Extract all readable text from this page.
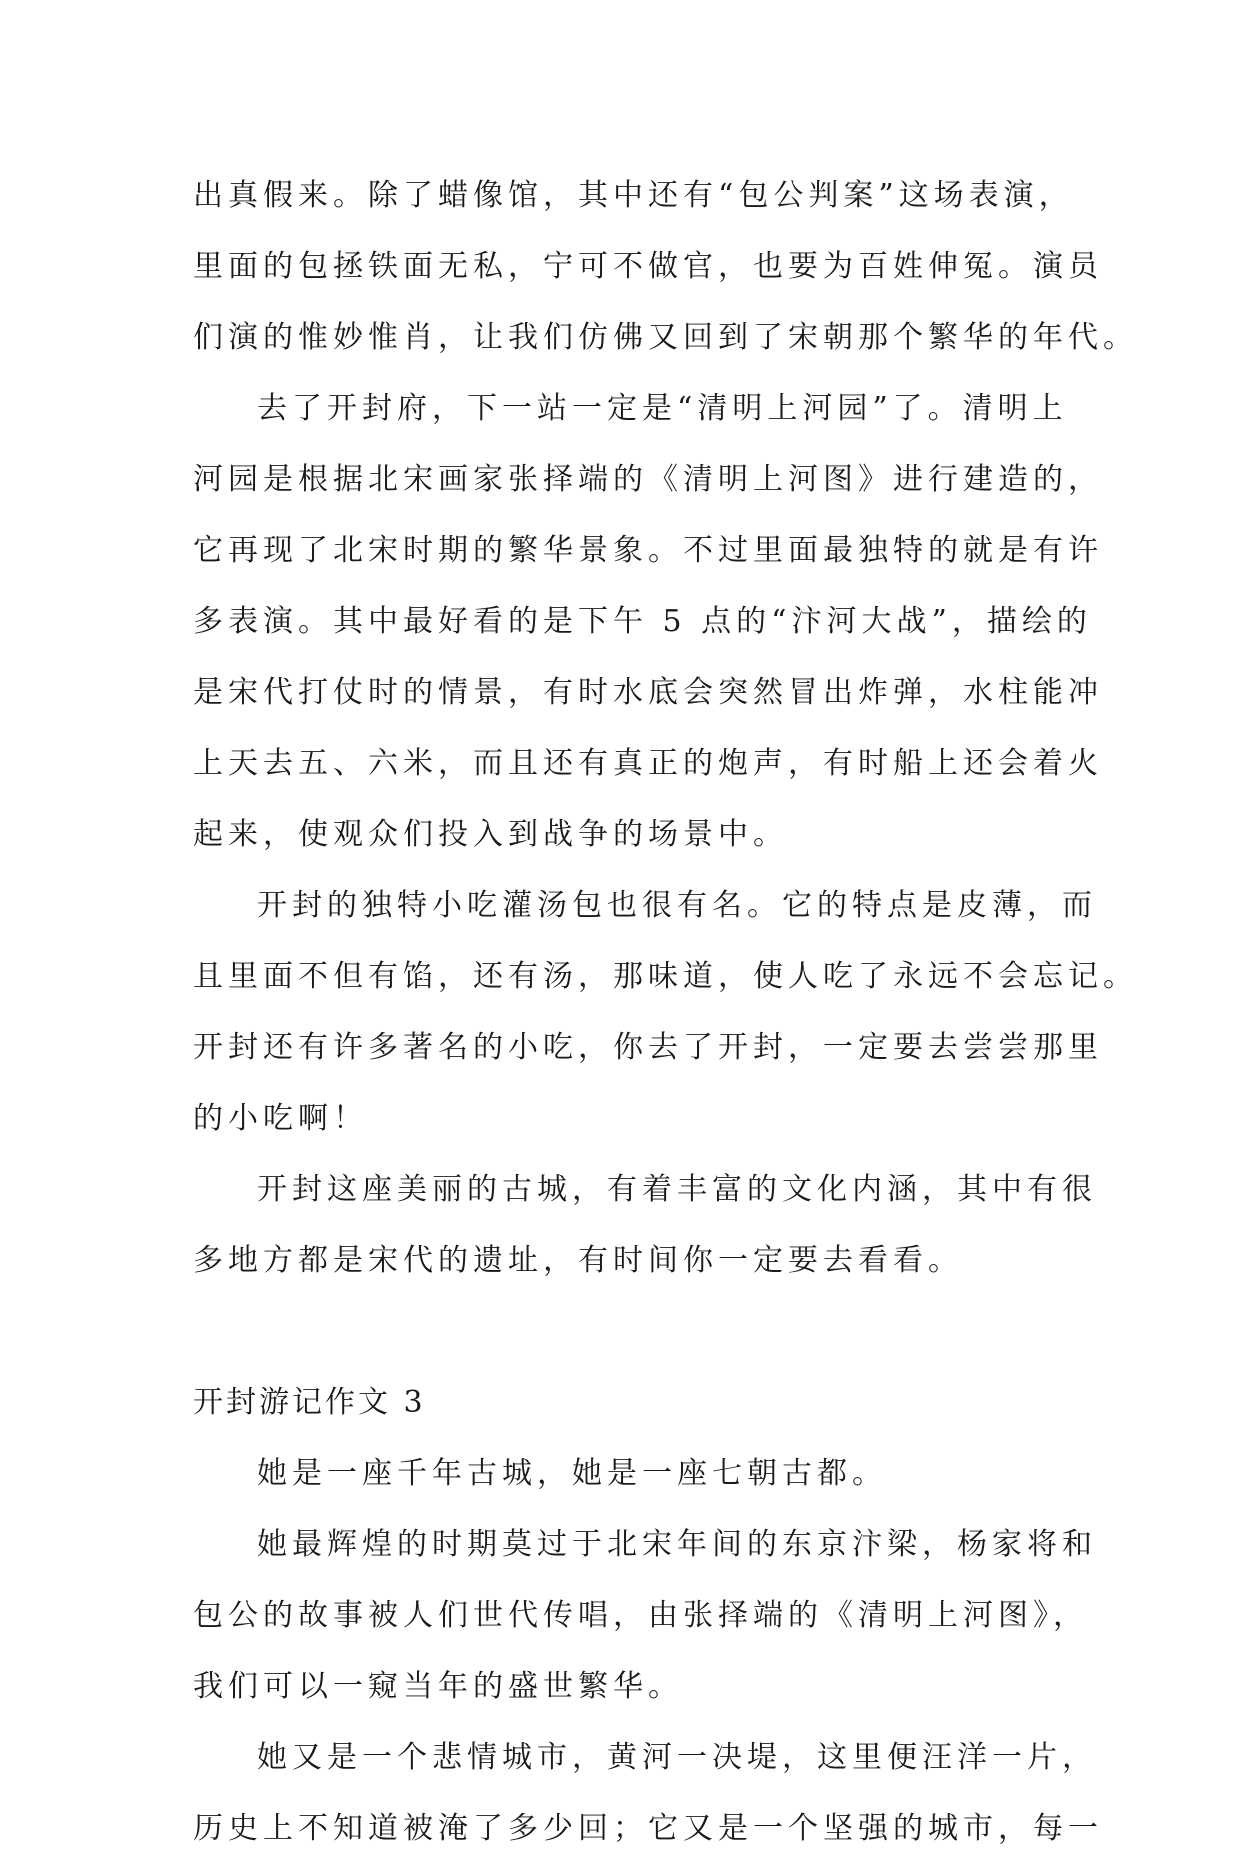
出真假来。除了蜡像馆，其中还有“包公判案”这场表演，
里面的包拯铁面无私，宁可不做官，也要为百姓伸冤。演员
们演的惟妙惟肖，让我们仿佛又回到了宋朝那个繁华的年代。
去了开封府，下一站一定是“清明上河园”了。清明上
河园是根据北宋画家张择端的《清明上河图》进行建造的，
它再现了北宋时期的繁华景象。不过里面最独特的就是有许
多表演。其中最好看的是下午 5 点的“汴河大战”，描绘的
是宋代打仗时的情景，有时水底会突然冒出炸弹，水柱能冲
上天去五、六米，而且还有真正的炮声，有时船上还会着火
起来，使观众们投入到战争的场景中。
开封的独特小吃灌汤包也很有名。它的特点是皮薄，而
且里面不但有馅，还有汤，那味道，使人吃了永远不会忘记。
开封还有许多著名的小吃，你去了开封，一定要去尝尝那里
的小吃啊！
开封这座美丽的古城，有着丰富的文化内涵，其中有很
多地方都是宋代的遗址，有时间你一定要去看看。
开封游记作文 3
她是一座千年古城，她是一座七朝古都。
她最辉煌的时期莫过于北宋年间的东京汴梁，杨家将和
包公的故事被人们世代传唱，由张择端的《清明上河图》，
我们可以一窥当年的盛世繁华。
她又是一个悲情城市，黄河一决堤，这里便汪洋一片，
历史上不知道被淹了多少回；它又是一个坚强的城市，每一
